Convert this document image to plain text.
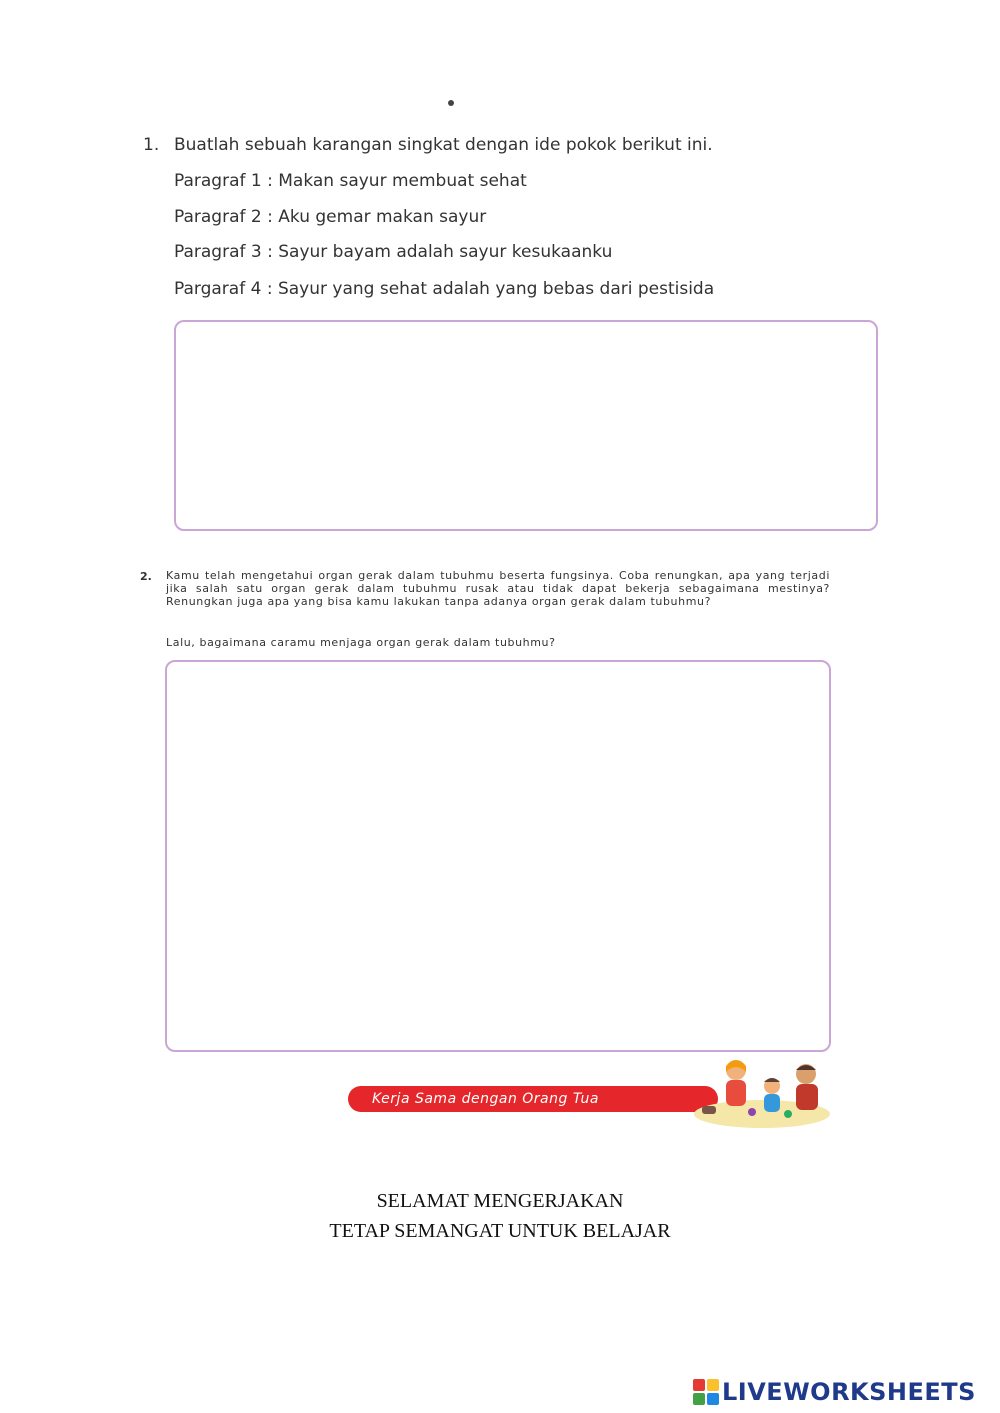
1. Buatlah sebuah karangan singkat dengan ide pokok berikut ini.
Paragraf 1 : Makan sayur membuat sehat
Paragraf 2 : Aku gemar makan sayur
Paragraf 3 : Sayur bayam adalah sayur kesukaanku
Pargaraf 4 : Sayur yang sehat adalah yang bebas dari pestisida
2. Kamu telah mengetahui organ gerak dalam tubuhmu beserta fungsinya. Coba renungkan, apa yang terjadi jika salah satu organ gerak dalam tubuhmu rusak atau tidak dapat bekerja sebagaimana mestinya? Renungkan juga apa yang bisa kamu lakukan tanpa adanya organ gerak dalam tubuhmu?
Lalu, bagaimana caramu menjaga organ gerak dalam tubuhmu?
Kerja Sama dengan Orang Tua
SELAMAT MENGERJAKAN
TETAP SEMANGAT UNTUK BELAJAR
LIVEWORKSHEETS
